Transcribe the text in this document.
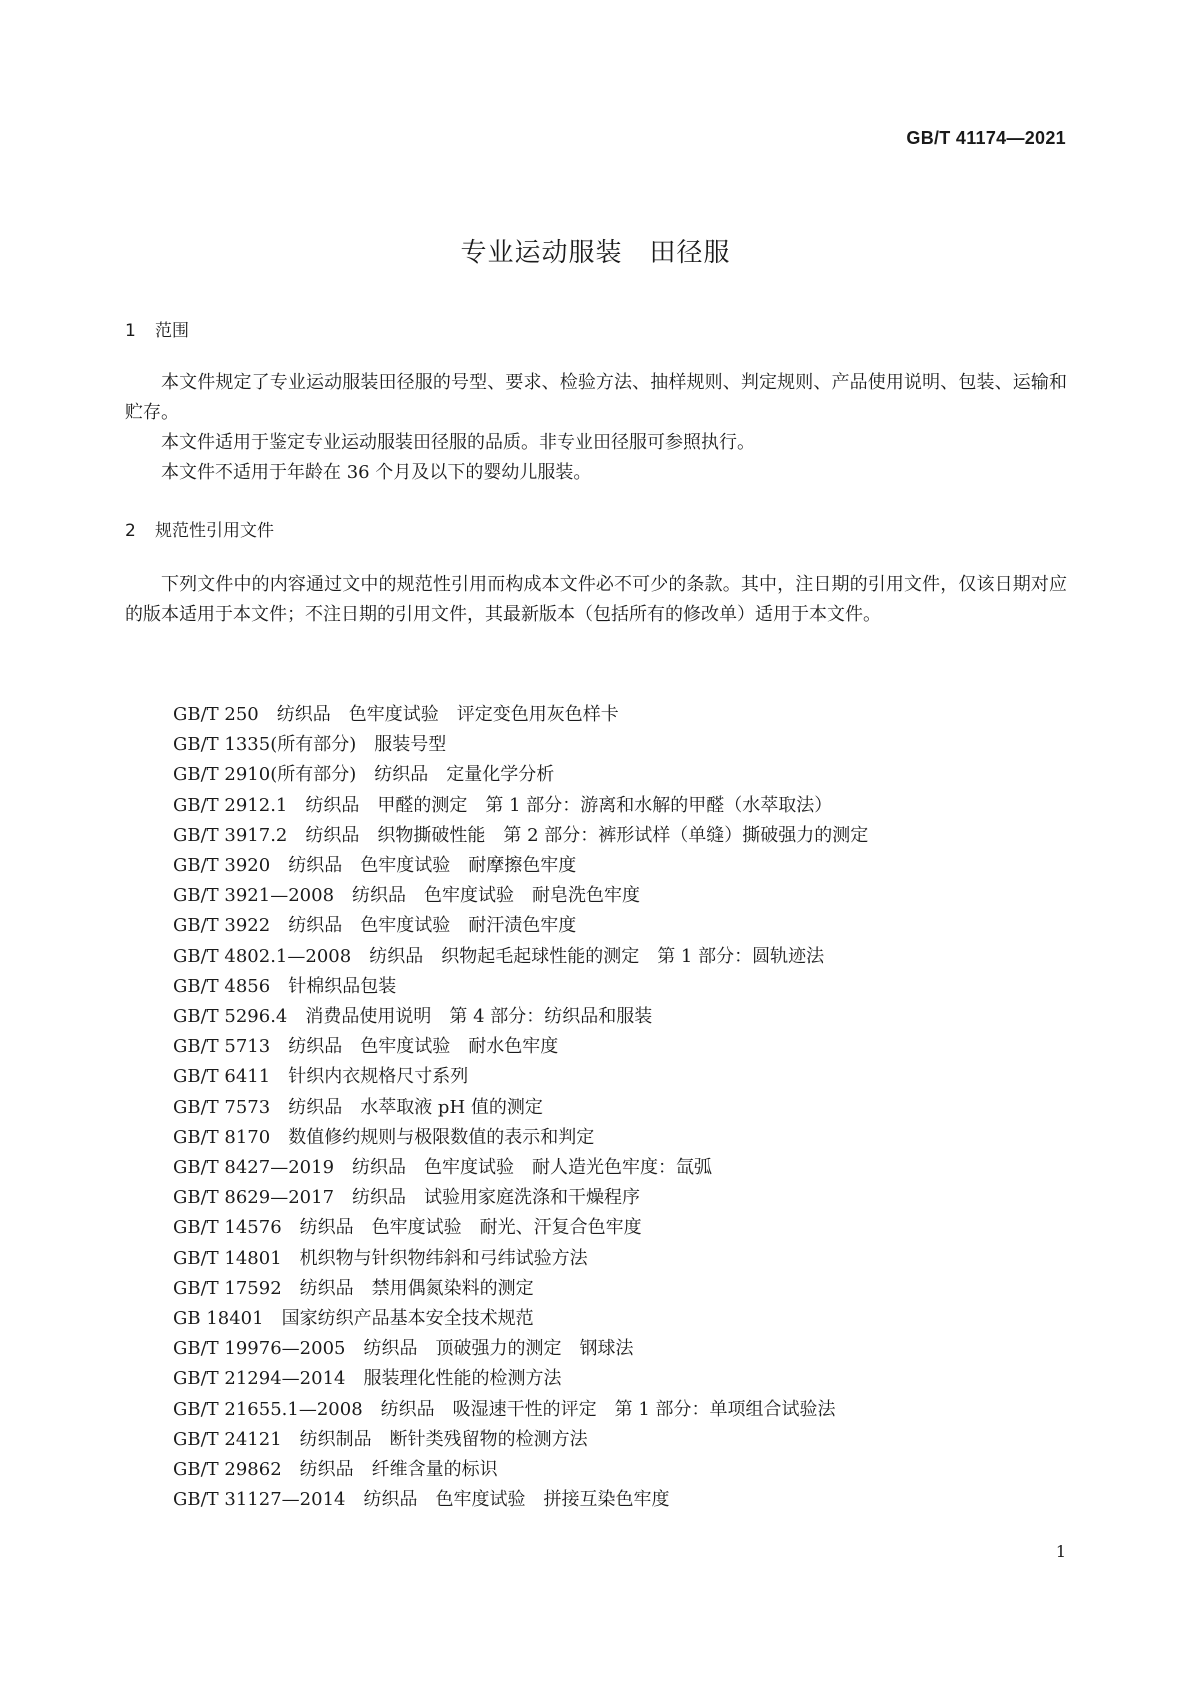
GB/T 41174—2021
专业运动服装　田径服
1 范围

本文件规定了专业运动服装田径服的号型、要求、检验方法、抽样规则、判定规则、产品使用说明、包装、运输和贮存。

本文件适用于鉴定专业运动服装田径服的品质。非专业田径服可参照执行。

本文件不适用于年龄在 36 个月及以下的婴幼儿服装。

2 规范性引用文件

下列文件中的内容通过文中的规范性引用而构成本文件必不可少的条款。其中，注日期的引用文件，仅该日期对应的版本适用于本文件；不注日期的引用文件，其最新版本（包括所有的修改单）适用于本文件。

GB/T 250　纺织品　色牢度试验　评定变色用灰色样卡
GB/T 1335(所有部分)　服装号型
GB/T 2910(所有部分)　纺织品　定量化学分析
GB/T 2912.1　纺织品　甲醛的测定　第 1 部分：游离和水解的甲醛（水萃取法）
GB/T 3917.2　纺织品　织物撕破性能　第 2 部分：裤形试样（单缝）撕破强力的测定
GB/T 3920　纺织品　色牢度试验　耐摩擦色牢度
GB/T 3921—2008　纺织品　色牢度试验　耐皂洗色牢度
GB/T 3922　纺织品　色牢度试验　耐汗渍色牢度
GB/T 4802.1—2008　纺织品　织物起毛起球性能的测定　第 1 部分：圆轨迹法
GB/T 4856　针棉织品包装
GB/T 5296.4　消费品使用说明　第 4 部分：纺织品和服装
GB/T 5713　纺织品　色牢度试验　耐水色牢度
GB/T 6411　针织内衣规格尺寸系列
GB/T 7573　纺织品　水萃取液 pH 值的测定
GB/T 8170　数值修约规则与极限数值的表示和判定
GB/T 8427—2019　纺织品　色牢度试验　耐人造光色牢度：氙弧
GB/T 8629—2017　纺织品　试验用家庭洗涤和干燥程序
GB/T 14576　纺织品　色牢度试验　耐光、汗复合色牢度
GB/T 14801　机织物与针织物纬斜和弓纬试验方法
GB/T 17592　纺织品　禁用偶氮染料的测定
GB 18401　国家纺织产品基本安全技术规范
GB/T 19976—2005　纺织品　顶破强力的测定　钢球法
GB/T 21294—2014　服装理化性能的检测方法
GB/T 21655.1—2008　纺织品　吸湿速干性的评定　第 1 部分：单项组合试验法
GB/T 24121　纺织制品　断针类残留物的检测方法
GB/T 29862　纺织品　纤维含量的标识
GB/T 31127—2014　纺织品　色牢度试验　拼接互染色牢度
1
